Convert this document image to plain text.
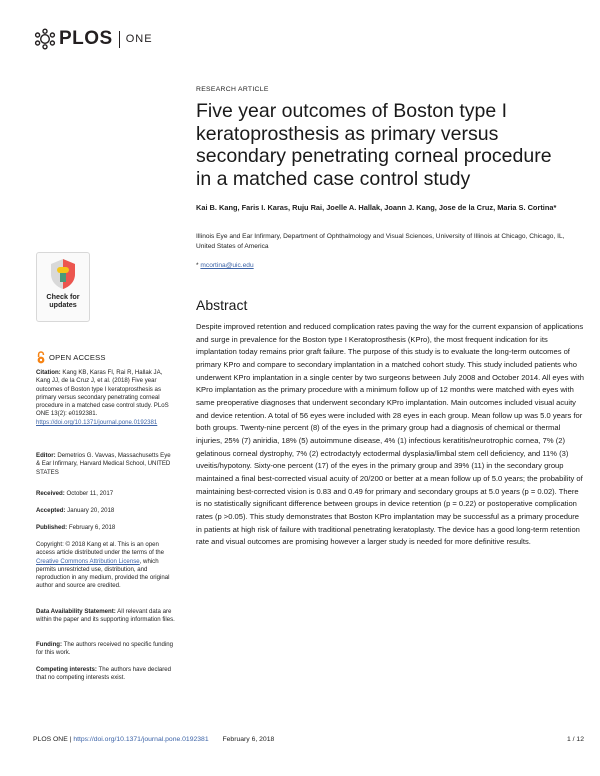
PLOS ONE
Check for
updates
OPEN ACCESS

Citation: Kang KB, Karas FI, Rai R, Hallak JA, Kang JJ, de la Cruz J, et al. (2018) Five year outcomes of Boston type I keratoprosthesis as primary versus secondary penetrating corneal procedure in a matched case control study. PLoS ONE 13(2): e0192381. https://doi.org/10.1371/journal.pone.0192381

Editor: Demetrios G. Vavvas, Massachusetts Eye & Ear Infirmary, Harvard Medical School, UNITED STATES

Received: October 11, 2017

Accepted: January 20, 2018

Published: February 6, 2018

Copyright: © 2018 Kang et al. This is an open access article distributed under the terms of the Creative Commons Attribution License, which permits unrestricted use, distribution, and reproduction in any medium, provided the original author and source are credited.

Data Availability Statement: All relevant data are within the paper and its supporting information files.

Funding: The authors received no specific funding for this work.

Competing interests: The authors have declared that no competing interests exist.

RESEARCH ARTICLE
Five year outcomes of Boston type I keratoprosthesis as primary versus secondary penetrating corneal procedure in a matched case control study
Kai B. Kang, Faris I. Karas, Ruju Rai, Joelle A. Hallak, Joann J. Kang, Jose de la Cruz, Maria S. Cortina*
Illinois Eye and Ear Infirmary, Department of Ophthalmology and Visual Sciences, University of Illinois at Chicago, Chicago, IL, United States of America
* mcortina@uic.edu
Abstract

Despite improved retention and reduced complication rates paving the way for the current expansion of applications and surge in prevalence for the Boston type I Keratoprosthesis (KPro), the most frequent indication for its implantation today remains prior graft failure. The purpose of this study is to evaluate the long-term outcomes of primary KPro and compare to secondary implantation in a matched cohort study. This study included patients who underwent KPro implantation in a single center by two surgeons between July 2008 and October 2014. All eyes with KPro implantation as the primary procedure with a minimum follow up of 12 months were matched with eyes with same preoperative diagnoses that underwent secondary KPro implantation. Main outcomes included visual acuity and device retention. A total of 56 eyes were included with 28 eyes in each group. Mean follow up was 5.0 years for both groups. Twenty-nine percent (8) of the eyes in the primary group had a diagnosis of chemical or thermal injuries, 25% (7) aniridia, 18% (5) autoimmune disease, 4% (1) infectious keratitis/neurotrophic cornea, 7% (2) gelatinous corneal dystrophy, 7% (2) ectrodactyly ectodermal dysplasia/limbal stem cell deficiency, and 11% (3) uveitis/hypotony. Sixty-one percent (17) of the eyes in the primary group and 39% (11) in the secondary group maintained a final best-corrected visual acuity of 20/200 or better at a mean follow up of 5.0 years; the probability of maintaining best-corrected vision is 0.83 and 0.49 for primary and secondary groups at 5.0 years (p = 0.02). There is no statistically significant difference between groups in device retention (p = 0.22) or postoperative complication rates (p >0.05). This study demonstrates that Boston KPro implantation may be successful as a primary procedure in patients at high risk of failure with traditional penetrating keratoplasty. The device has a good long-term retention rate and visual outcomes are promising however a larger study is needed for more definitive results.

PLOS ONE | https://doi.org/10.1371/journal.pone.0192381 February 6, 2018	1 / 12
